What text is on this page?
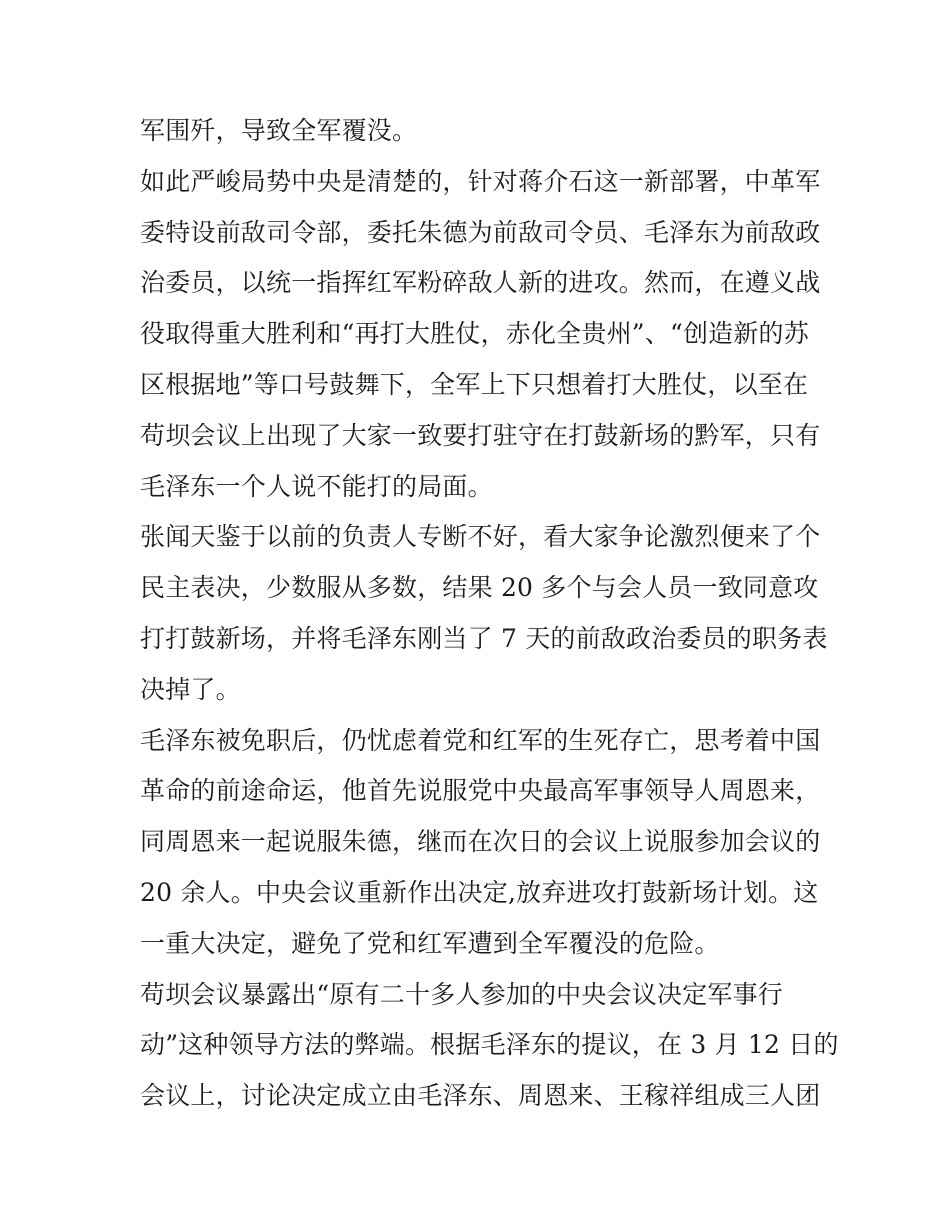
军围歼，导致全军覆没。
如此严峻局势中央是清楚的，针对蒋介石这一新部署，中革军
委特设前敌司令部，委托朱德为前敌司令员、毛泽东为前敌政
治委员，以统一指挥红军粉碎敌人新的进攻。然而，在遵义战
役取得重大胜利和“再打大胜仗，赤化全贵州”、“创造新的苏
区根据地”等口号鼓舞下，全军上下只想着打大胜仗，以至在
苟坝会议上出现了大家一致要打驻守在打鼓新场的黔军，只有
毛泽东一个人说不能打的局面。
张闻天鉴于以前的负责人专断不好，看大家争论激烈便来了个
民主表决，少数服从多数，结果 20 多个与会人员一致同意攻
打打鼓新场，并将毛泽东刚当了 7 天的前敌政治委员的职务表
决掉了。
毛泽东被免职后，仍忧虑着党和红军的生死存亡，思考着中国
革命的前途命运，他首先说服党中央最高军事领导人周恩来，
同周恩来一起说服朱德，继而在次日的会议上说服参加会议的
20 余人。中央会议重新作出决定,放弃进攻打鼓新场计划。这
一重大决定，避免了党和红军遭到全军覆没的危险。
苟坝会议暴露出“原有二十多人参加的中央会议决定军事行
动”这种领导方法的弊端。根据毛泽东的提议，在 3 月 12 日的
会议上，讨论决定成立由毛泽东、周恩来、王稼祥组成三人团
